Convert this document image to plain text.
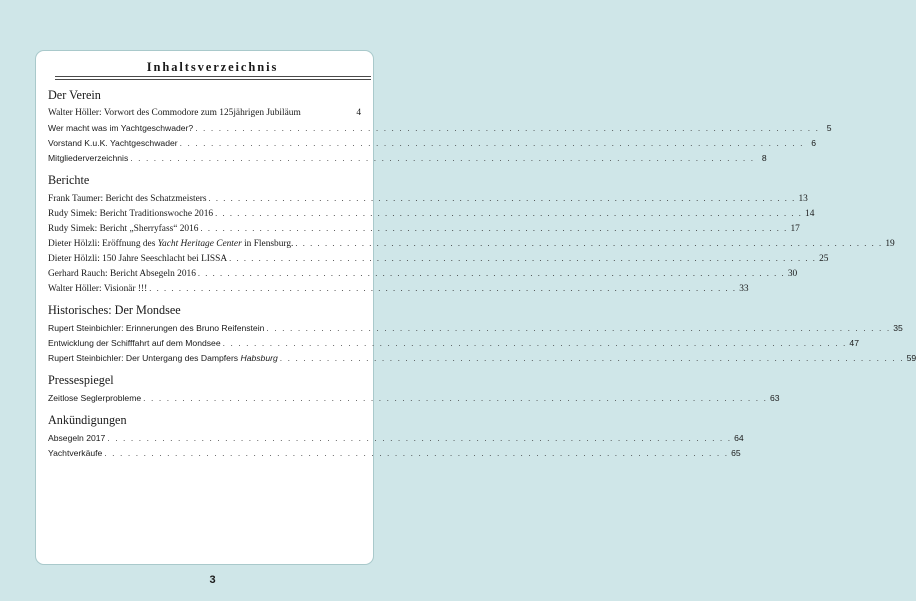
Inhaltsverzeichnis
Der Verein
Walter Höller: Vorwort des Commodore zum 125jährigen Jubiläum	4
Wer macht was im Yachtgeschwader? . . . . . . . . . . . . . . . . . . . . . . . . . . . . . . . . . . . . . . . . . . . . . . . . . . . . . . . . . . . . . . . . . . . . . . . . . . . . . . . . 5
Vorstand K.u.K. Yachtgeschwader . . . . . . . . . . . . . . . . . . . . . . . . . . . . . . . . . . . . . . . . . . . . . . . . . . . . . . . . . . . . . . . . . . . . . . . . . . . . . . . . 6
Mitgliederverzeichnis . . . . . . . . . . . . . . . . . . . . . . . . . . . . . . . . . . . . . . . . . . . . . . . . . . . . . . . . . . . . . . . . . . . . . . . . . . . . . . . . 8
Berichte
Frank Taumer: Bericht des Schatzmeisters . . . . . . . . . . . . . . . . . . . . . . . . . . . . . . . . . . . . . . . . . . . . . . . . . . . . . . . . . . . . . . . . . . . . . . . . . . . . . . . . 13
Rudy Simek: Bericht Traditionswoche 2016 . . . . . . . . . . . . . . . . . . . . . . . . . . . . . . . . . . . . . . . . . . . . . . . . . . . . . . . . . . . . . . . . . . . . . . . . . . . . . . . . 14
Rudy Simek: Bericht „Sherryfass“ 2016 . . . . . . . . . . . . . . . . . . . . . . . . . . . . . . . . . . . . . . . . . . . . . . . . . . . . . . . . . . . . . . . . . . . . . . . . . . . . . . . . 17
Dieter Hölzli: Eröffnung des Yacht Heritage Center in Flensburg. . . . . . . . . . . . . . . . . . . . . . . . . . . . . . . . . . . . . . . . . . . . . . . . . . . . . . . . . . . . . . . . . . . . . . . . . . . . . . . . . 19
Dieter Hölzli: 150 Jahre Seeschlacht bei LISSA . . . . . . . . . . . . . . . . . . . . . . . . . . . . . . . . . . . . . . . . . . . . . . . . . . . . . . . . . . . . . . . . . . . . . . . . . . . . . . . . 25
Gerhard Rauch: Bericht Absegeln 2016 . . . . . . . . . . . . . . . . . . . . . . . . . . . . . . . . . . . . . . . . . . . . . . . . . . . . . . . . . . . . . . . . . . . . . . . . . . . . . . . . 30
Walter Höller: Visionär !!! . . . . . . . . . . . . . . . . . . . . . . . . . . . . . . . . . . . . . . . . . . . . . . . . . . . . . . . . . . . . . . . . . . . . . . . . . . . . . . . . 33
Historisches: Der Mondsee
Rupert Steinbichler: Erinnerungen des Bruno Reifenstein . . . . . . . . . . . . . . . . . . . . . . . . . . . . . . . . . . . . . . . . . . . . . . . . . . . . . . . . . . . . . . . . . . . . . . . . . . . . . . . . 35
Entwicklung der Schifffahrt auf dem Mondsee . . . . . . . . . . . . . . . . . . . . . . . . . . . . . . . . . . . . . . . . . . . . . . . . . . . . . . . . . . . . . . . . . . . . . . . . . . . . . . . . 47
Rupert Steinbichler: Der Untergang des Dampfers Habsburg . . . . . . . . . . . . . . . . . . . . . . . . . . . . . . . . . . . . . . . . . . . . . . . . . . . . . . . . . . . . . . . . . . . . . . . . . . . . . . . . 59
Pressespiegel
Zeitlose Seglerprobleme . . . . . . . . . . . . . . . . . . . . . . . . . . . . . . . . . . . . . . . . . . . . . . . . . . . . . . . . . . . . . . . . . . . . . . . . . . . . . . . . 63
Ankündigungen
Absegeln 2017 . . . . . . . . . . . . . . . . . . . . . . . . . . . . . . . . . . . . . . . . . . . . . . . . . . . . . . . . . . . . . . . . . . . . . . . . . . . . . . . . 64
Yachtverkäufe . . . . . . . . . . . . . . . . . . . . . . . . . . . . . . . . . . . . . . . . . . . . . . . . . . . . . . . . . . . . . . . . . . . . . . . . . . . . . . . . 65
3
